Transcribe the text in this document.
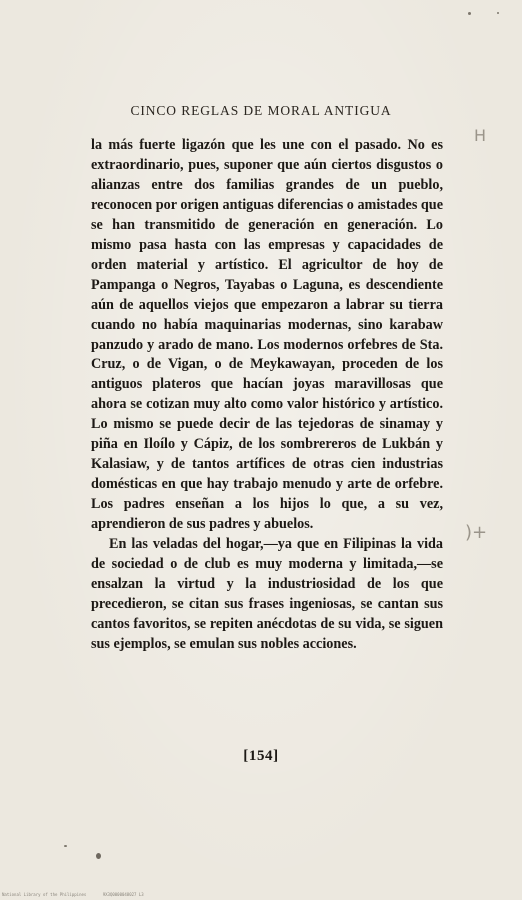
CINCO REGLAS DE MORAL ANTIGUA
H

la más fuerte ligazón que les une con el pasado. No es extraordinario, pues, suponer que aún ciertos disgustos o alianzas entre dos familias grandes de un pueblo, reconocen por origen antiguas diferencias o amistades que se han transmitido de generación en generación. Lo mismo pasa hasta con las empresas y capacidades de orden material y artístico. El agricultor de hoy de Pampanga o Negros, Tayabas o Laguna, es descendiente aún de aquellos viejos que empezaron a labrar su tierra cuando no había maquinarias modernas, sino karabaw panzudo y arado de mano. Los modernos orfebres de Sta. Cruz, o de Vigan, o de Meykawayan, proceden de los antiguos plateros que hacían joyas maravillosas que ahora se cotizan muy alto como valor histórico y artístico. Lo mismo se puede decir de las tejedoras de sinamay y piña en Iloílo y Cápiz, de los sombrereros de Lukbán y Kalasiaw, y de tantos artífices de otras cien industrias domésticas en que hay trabajo menudo y arte de orfebre. Los padres enseñan a los hijos lo que, a su vez, aprendieron de sus padres y abuelos.

En las veladas del hogar,—ya que en Filipinas la vida de sociedad o de club es muy moderna y limitada,—se ensalzan la virtud y la industriosidad de los que precedieron, se citan sus frases ingeniosas, se cantan sus cantos favoritos, se repiten anécdotas de su vida, se siguen sus ejemplos, se emulan sus nobles acciones.

)+
[154]
National Library of the Philippines	9X3Q0000048027 L3
